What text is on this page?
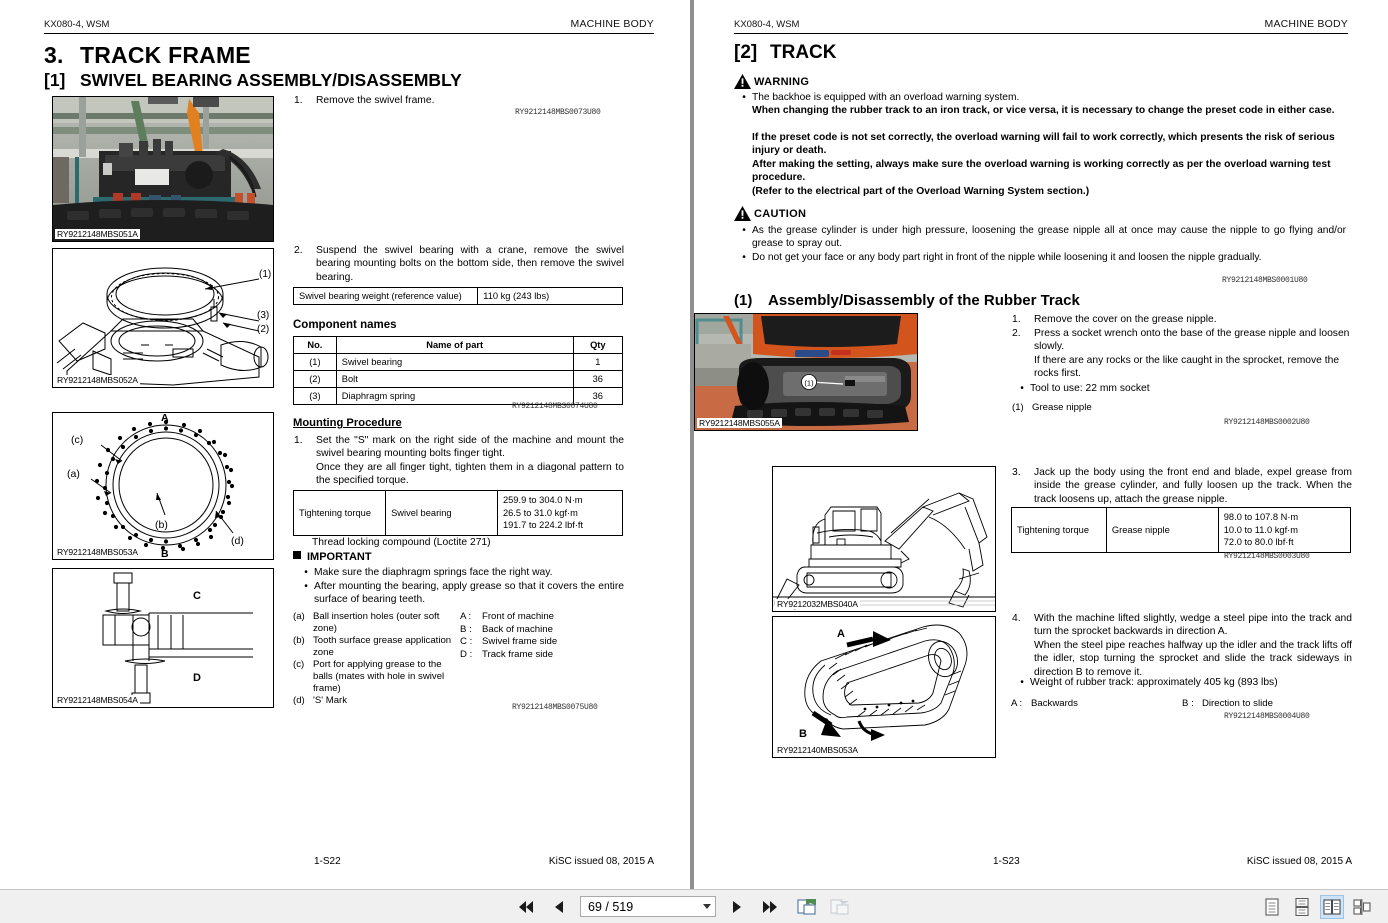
KX080-4, WSM	MACHINE BODY
3. TRACK FRAME
[1] SWIVEL BEARING ASSEMBLY/DISASSEMBLY
RY9212148MBS051A
1.	Remove the swivel frame.
RY9212148MBS0073U80
(1)
(3)
(2)
RY9212148MBS052A
2.	Suspend the swivel bearing with a crane, remove the swivel bearing mounting bolts on the bottom side, then remove the swivel bearing.
Swivel bearing weight (reference value)	110 kg (243 lbs)
Component names
No.	Name of part	Qty
(1)	Swivel bearing	1
(2)	Bolt	36
(3)	Diaphragm spring	36
RY9212148MBS0074U80
Mounting Procedure
1.	Set the "S" mark on the right side of the machine and mount the swivel bearing mounting bolts finger tight.
Once they are all finger tight, tighten them in a diagonal pattern to the specified torque.
A
B
(c)
(a)
(b)
(d)
RY9212148MBS053A
Tightening torque	Swivel bearing	
259.9 to 304.0 N·m
26.5 to 31.0 kgf·m
191.7 to 224.2 lbf·ft
Thread locking compound (Loctite 271)
IMPORTANT
• Make sure the diaphragm springs face the right way.
• After mounting the bearing, apply grease so that it covers the entire surface of bearing teeth.
C
D
RY9212148MBS054A
(a) Ball insertion holes (outer soft zone)
(b) Tooth surface grease application zone
(c) Port for applying grease to the balls (mates with hole in swivel frame)
(d) 'S' Mark
A :	Front of machine
B :	Back of machine
C :	Swivel frame side
D :	Track frame side
RY9212148MBS0075U80
1-S22	KiSC issued 08, 2015 A
KX080-4, WSM	MACHINE BODY
[2] TRACK
WARNING
• The backhoe is equipped with an overload warning system.
When changing the rubber track to an iron track, or vice versa, it is necessary to change the preset code in either case.
If the preset code is not set correctly, the overload warning will fail to work correctly, which presents the risk of serious injury or death.
After making the setting, always make sure the overload warning is working correctly as per the overload warning test procedure.
(Refer to the electrical part of the Overload Warning System section.)
CAUTION
• As the grease cylinder is under high pressure, loosening the grease nipple all at once may cause the nipple to go flying and/or grease to spray out.
• Do not get your face or any body part right in front of the nipple while loosening it and loosen the nipple gradually.
RY9212148MBS0001U80
(1) Assembly/Disassembly of the Rubber Track
(1)
RY9212148MBS055A
1.	Remove the cover on the grease nipple.
2.	Press a socket wrench onto the base of the grease nipple and loosen slowly.
If there are any rocks or the like caught in the sprocket, remove the rocks first.
• Tool to use: 22 mm socket
(1) Grease nipple
RY9212148MBS0002U80
RY9212032MBS040A
3.	Jack up the body using the front end and blade, expel grease from inside the grease cylinder, and fully loosen up the track. When the track loosens up, attach the grease nipple.
Tightening torque	Grease nipple	
98.0 to 107.8 N·m
10.0 to 11.0 kgf·m
72.0 to 80.0 lbf·ft
RY9212148MBS0003U80
A
B
RY9212140MBS053A
4.	With the machine lifted slightly, wedge a steel pipe into the track and turn the sprocket backwards in direction A.
When the steel pipe reaches halfway up the idler and the track lifts off the idler, stop turning the sprocket and slide the track sideways in direction B to remove it.
• Weight of rubber track: approximately 405 kg (893 lbs)
A : Backwards	B : Direction to slide
RY9212148MBS0004U80
1-S23	KiSC issued 08, 2015 A
69 / 519
